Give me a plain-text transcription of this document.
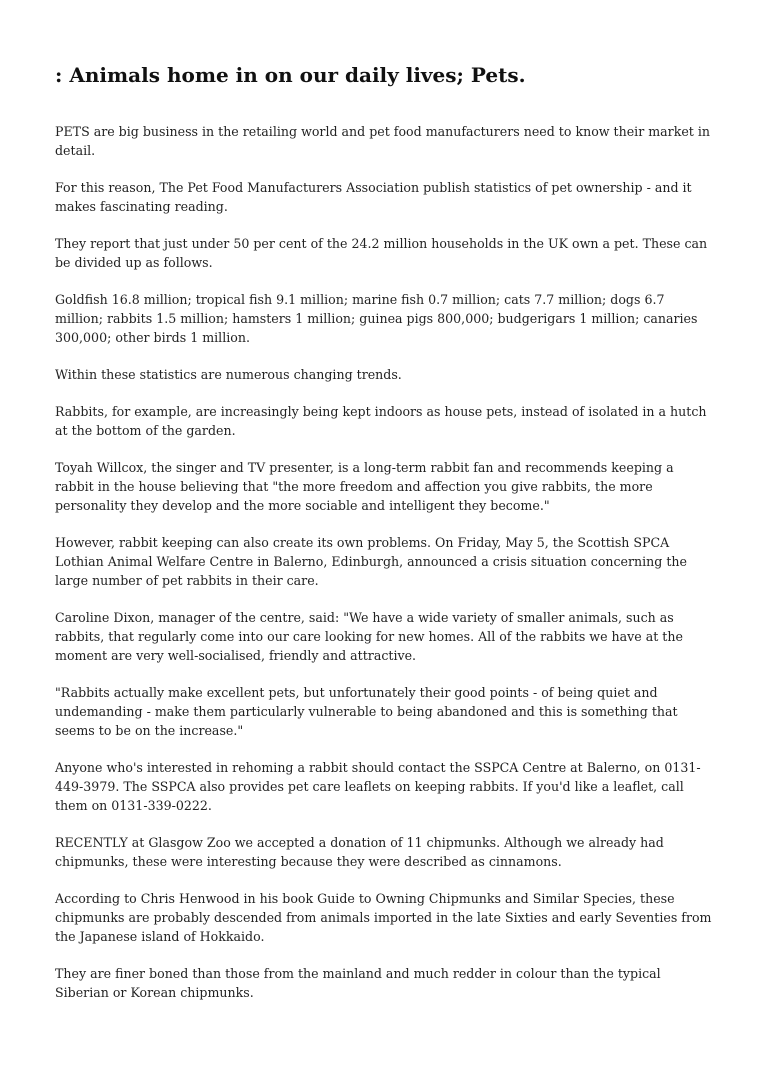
: Animals home in on our daily lives; Pets.

PETS are big business in the retailing world and pet food manufacturers need to know their market in detail.

For this reason, The Pet Food Manufacturers Association publish statistics of pet ownership - and it makes fascinating reading.

They report that just under 50 per cent of the 24.2 million households in the UK own a pet. These can be divided up as follows.

Goldfish 16.8 million; tropical fish 9.1 million; marine fish 0.7 million; cats 7.7 million; dogs 6.7 million; rabbits 1.5 million; hamsters 1 million; guinea pigs 800,000; budgerigars 1 million; canaries 300,000; other birds 1 million.

Within these statistics are numerous changing trends.

Rabbits, for example, are increasingly being kept indoors as house pets, instead of isolated in a hutch at the bottom of the garden.

Toyah Willcox, the singer and TV presenter, is a long-term rabbit fan and recommends keeping a rabbit in the house believing that "the more freedom and affection you give rabbits, the more personality they develop and the more sociable and intelligent they become."

However, rabbit keeping can also create its own problems. On Friday, May 5, the Scottish SPCA Lothian Animal Welfare Centre in Balerno, Edinburgh, announced a crisis situation concerning the large number of pet rabbits in their care.

Caroline Dixon, manager of the centre, said: "We have a wide variety of smaller animals, such as rabbits, that regularly come into our care looking for new homes. All of the rabbits we have at the moment are very well-socialised, friendly and attractive.

"Rabbits actually make excellent pets, but unfortunately their good points - of being quiet and undemanding - make them particularly vulnerable to being abandoned and this is something that seems to be on the increase."

Anyone who's interested in rehoming a rabbit should contact the SSPCA Centre at Balerno, on 0131-449-3979. The SSPCA also provides pet care leaflets on keeping rabbits. If you'd like a leaflet, call them on 0131-339-0222.

RECENTLY at Glasgow Zoo we accepted a donation of 11 chipmunks. Although we already had chipmunks, these were interesting because they were described as cinnamons.

According to Chris Henwood in his book Guide to Owning Chipmunks and Similar Species, these chipmunks are probably descended from animals imported in the late Sixties and early Seventies from the Japanese island of Hokkaido.

They are finer boned than those from the mainland and much redder in colour than the typical Siberian or Korean chipmunks.
